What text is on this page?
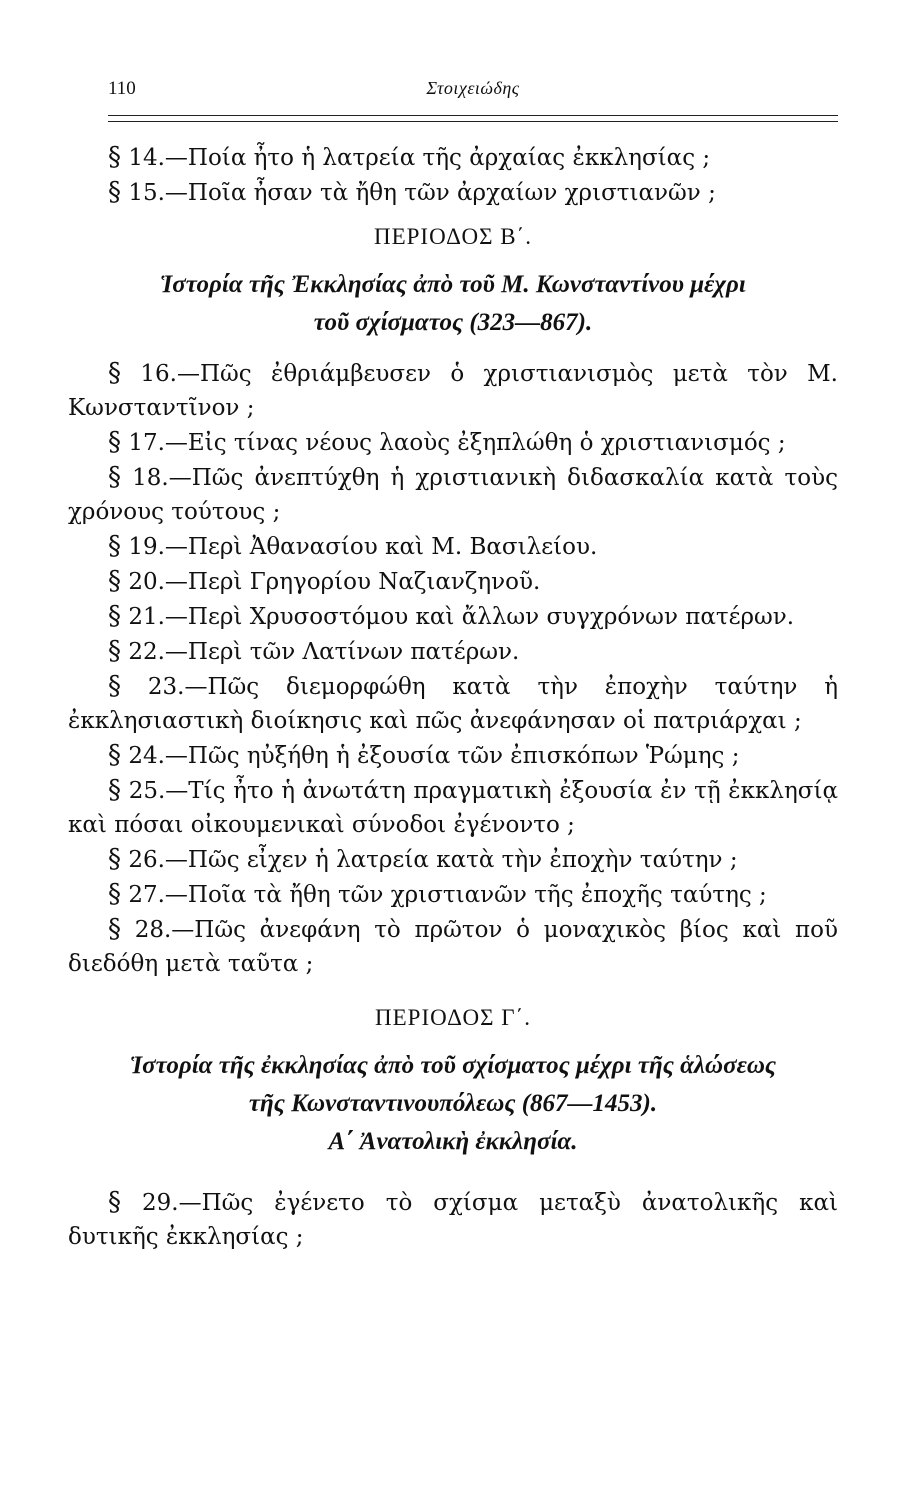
110	Στοιχειώδης

§ 14.—Ποία ἦτο ἡ λατρεία τῆς ἀρχαίας ἐκκλησίας ;

§ 15.—Ποῖα ἦσαν τὰ ἤθη τῶν ἀρχαίων χριστιανῶν ;

ΠΕΡΙΟΔΟΣ Β΄.
Ἱστορία τῆς Ἐκκλησίας ἀπὸ τοῦ Μ. Κωνσταντίνου μέχρι
τοῦ σχίσματος (323—867).

§ 16.—Πῶς ἐθριάμβευσεν ὁ χριστιανισμὸς μετὰ τὸν Μ. Κωνσταντῖνον ;

§ 17.—Εἰς τίνας νέους λαοὺς ἐξηπλώθη ὁ χριστιανισμός ;

§ 18.—Πῶς ἀνεπτύχθη ἡ χριστιανικὴ διδασκαλία κατὰ τοὺς χρόνους τούτους ;

§ 19.—Περὶ Ἀθανασίου καὶ Μ. Βασιλείου.

§ 20.—Περὶ Γρηγορίου Ναζιανζηνοῦ.

§ 21.—Περὶ Χρυσοστόμου καὶ ἄλλων συγχρόνων πατέρων.

§ 22.—Περὶ τῶν Λατίνων πατέρων.

§ 23.—Πῶς διεμορφώθη κατὰ τὴν ἐποχὴν ταύτην ἡ ἐκκλησιαστικὴ διοίκησις καὶ πῶς ἀνεφάνησαν οἱ πατριάρχαι ;

§ 24.—Πῶς ηὐξήθη ἡ ἐξουσία τῶν ἐπισκόπων Ῥώμης ;

§ 25.—Τίς ἦτο ἡ ἀνωτάτη πραγματικὴ ἐξουσία ἐν τῇ ἐκκλησίᾳ καὶ πόσαι οἰκουμενικαὶ σύνοδοι ἐγένοντο ;

§ 26.—Πῶς εἶχεν ἡ λατρεία κατὰ τὴν ἐποχὴν ταύτην ;

§ 27.—Ποῖα τὰ ἤθη τῶν χριστιανῶν τῆς ἐποχῆς ταύτης ;

§ 28.—Πῶς ἀνεφάνη τὸ πρῶτον ὁ μοναχικὸς βίος καὶ ποῦ διεδόθη μετὰ ταῦτα ;

ΠΕΡΙΟΔΟΣ Γ΄.
Ἱστορία τῆς ἐκκλησίας ἀπὸ τοῦ σχίσματος μέχρι τῆς ἁλώσεως
τῆς Κωνσταντινουπόλεως (867—1453).
Α΄ Ἀνατολικὴ ἐκκλησία.

§ 29.—Πῶς ἐγένετο τὸ σχίσμα μεταξὺ ἀνατολικῆς καὶ δυτικῆς ἐκκλησίας ;
